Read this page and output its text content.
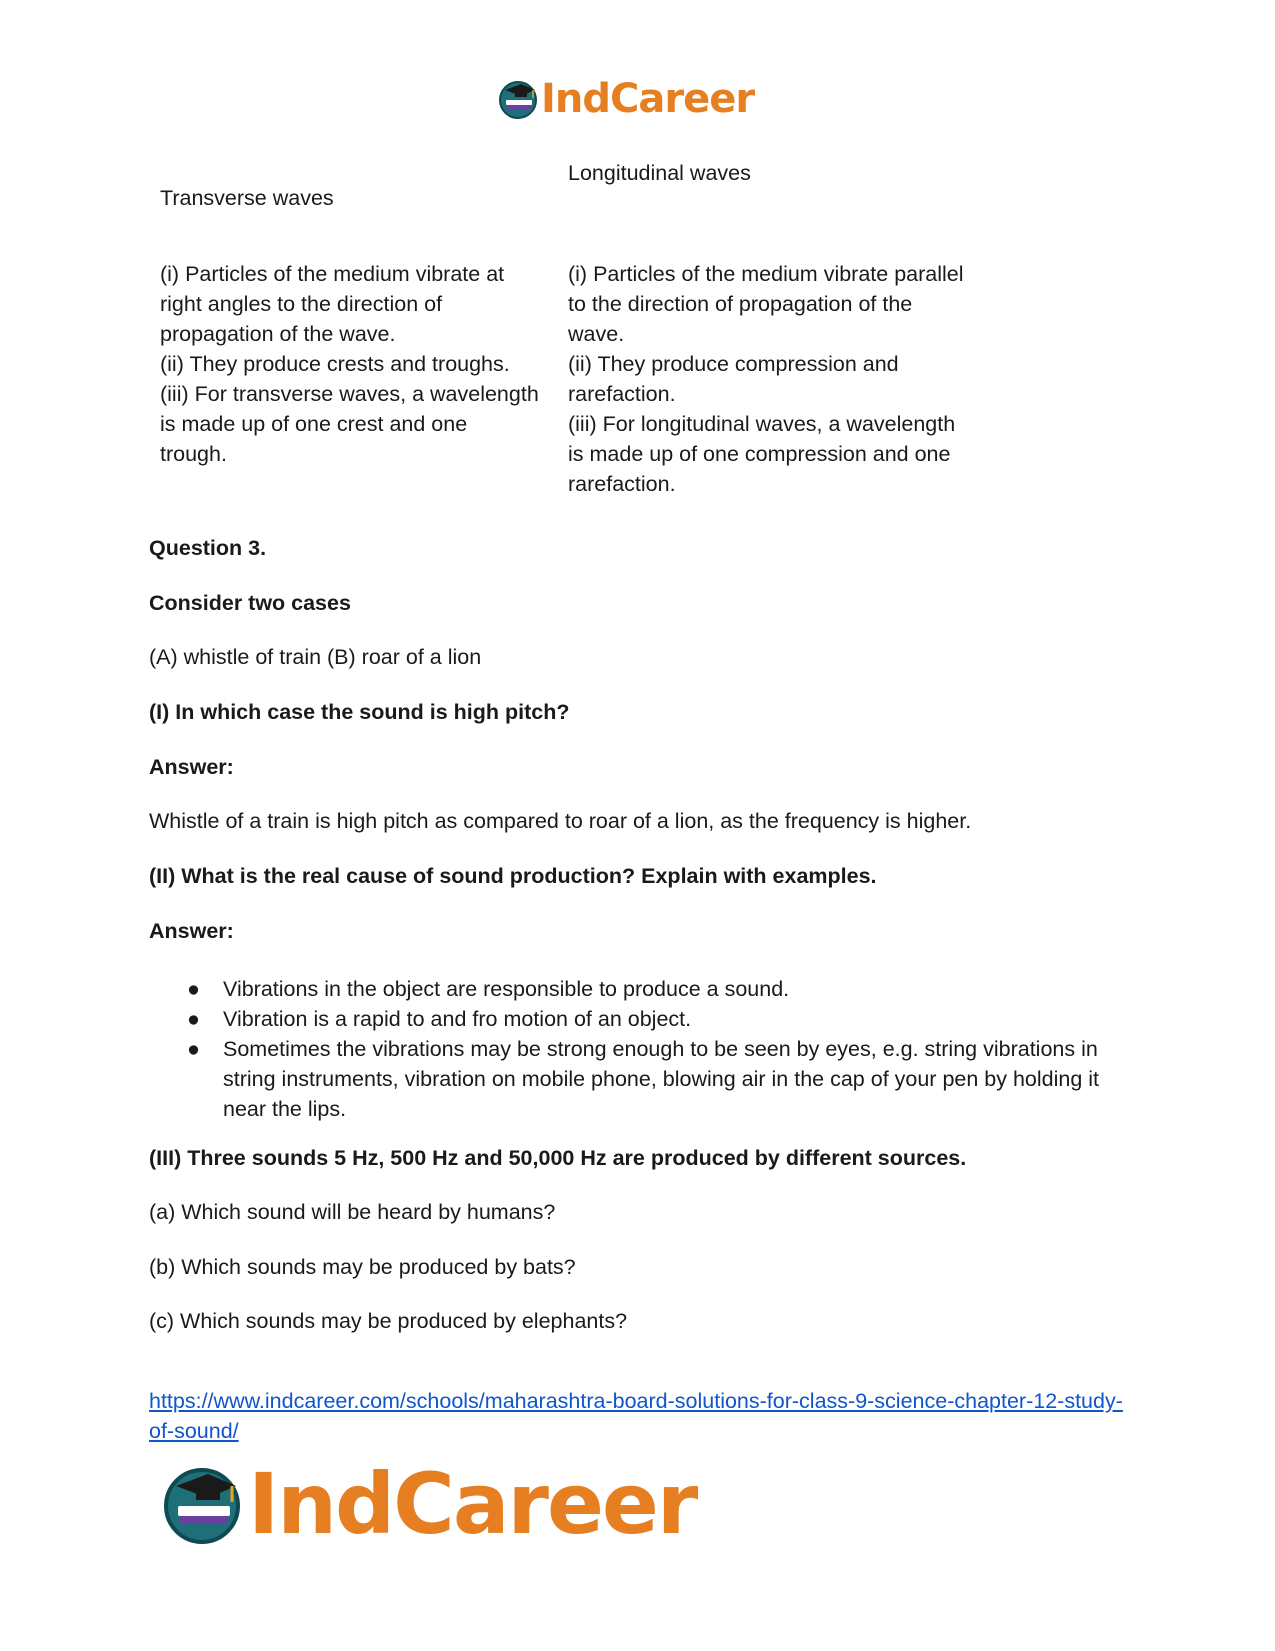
IndCareer
Longitudinal waves
Transverse waves
(i) Particles of the medium vibrate at right angles to the direction of propagation of the wave.
(ii) They produce crests and troughs.
(iii) For transverse waves, a wavelength is made up of one crest and one trough.
(i) Particles of the medium vibrate parallel to the direction of propagation of the wave.
(ii) They produce compression and rarefaction.
(iii) For longitudinal waves, a wavelength is made up of one compression and one rarefaction.

Question 3.

Consider two cases

(A) whistle of train (B) roar of a lion

(I) In which case the sound is high pitch?

Answer:

Whistle of a train is high pitch as compared to roar of a lion, as the frequency is higher.

(II) What is the real cause of sound production? Explain with examples.

Answer:

● Vibrations in the object are responsible to produce a sound.
● Vibration is a rapid to and fro motion of an object.
● Sometimes the vibrations may be strong enough to be seen by eyes, e.g. string vibrations in string instruments, vibration on mobile phone, blowing air in the cap of your pen by holding it near the lips.

(III) Three sounds 5 Hz, 500 Hz and 50,000 Hz are produced by different sources.

(a) Which sound will be heard by humans?

(b) Which sounds may be produced by bats?

(c) Which sounds may be produced by elephants?

https://www.indcareer.com/schools/maharashtra-board-solutions-for-class-9-science-chapter-12-study-of-sound/
IndCareer
